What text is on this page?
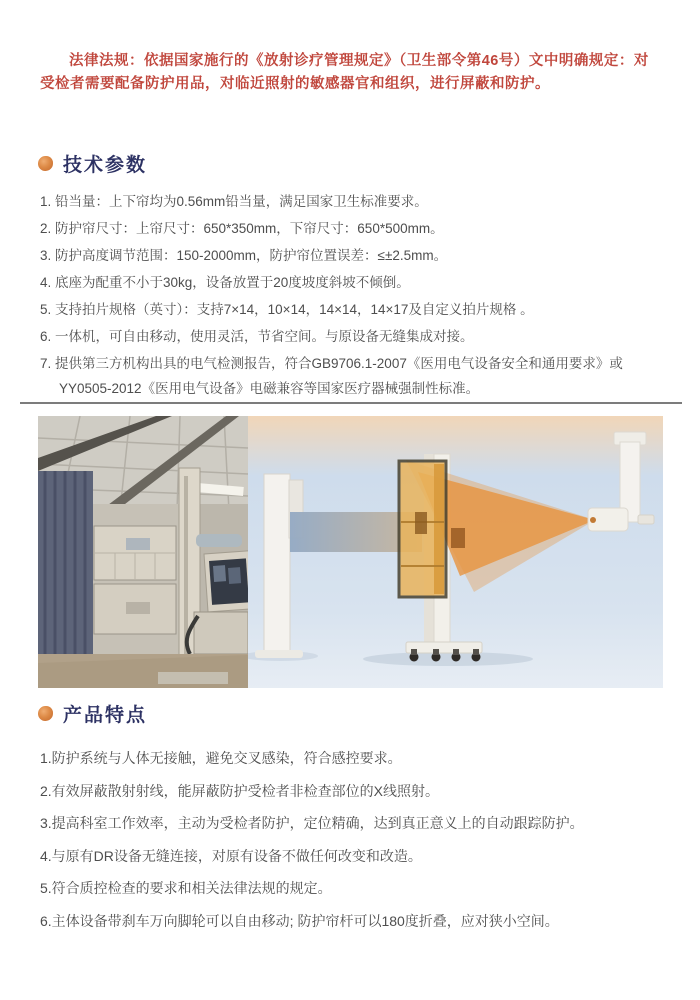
法律法规：依据国家施行的《放射诊疗管理规定》（卫生部令第46号）文中明确规定：对受检者需要配备防护用品，对临近照射的敏感器官和组织，进行屏蔽和防护。

技术参数
1. 铅当量：上下帘均为0.56mm铅当量，满足国家卫生标准要求。
2. 防护帘尺寸：上帘尺寸：650*350mm，下帘尺寸：650*500mm。
3. 防护高度调节范围：150-2000mm，防护帘位置误差：≤±2.5mm。
4. 底座为配重不小于30kg，设备放置于20度坡度斜坡不倾倒。
5. 支持拍片规格（英寸）：支持7×14，10×14，14×14，14×17及自定义拍片规格 。
6. 一体机，可自由移动，使用灵活，节省空间。与原设备无缝集成对接。
7. 提供第三方机构出具的电气检测报告，符合GB9706.1-2007《医用电气设备安全和通用要求》或YY0505-2012《医用电气设备》电磁兼容等国家医疗器械强制性标准。
产品特点
1.防护系统与人体无接触，避免交叉感染，符合感控要求。
2.有效屏蔽散射射线，能屏蔽防护受检者非检查部位的X线照射。
3.提高科室工作效率，主动为受检者防护，定位精确，达到真正意义上的自动跟踪防护。
4.与原有DR设备无缝连接，对原有设备不做任何改变和改造。
5.符合质控检查的要求和相关法律法规的规定。
6.主体设备带刹车万向脚轮可以自由移动; 防护帘杆可以180度折叠，应对狭小空间。
